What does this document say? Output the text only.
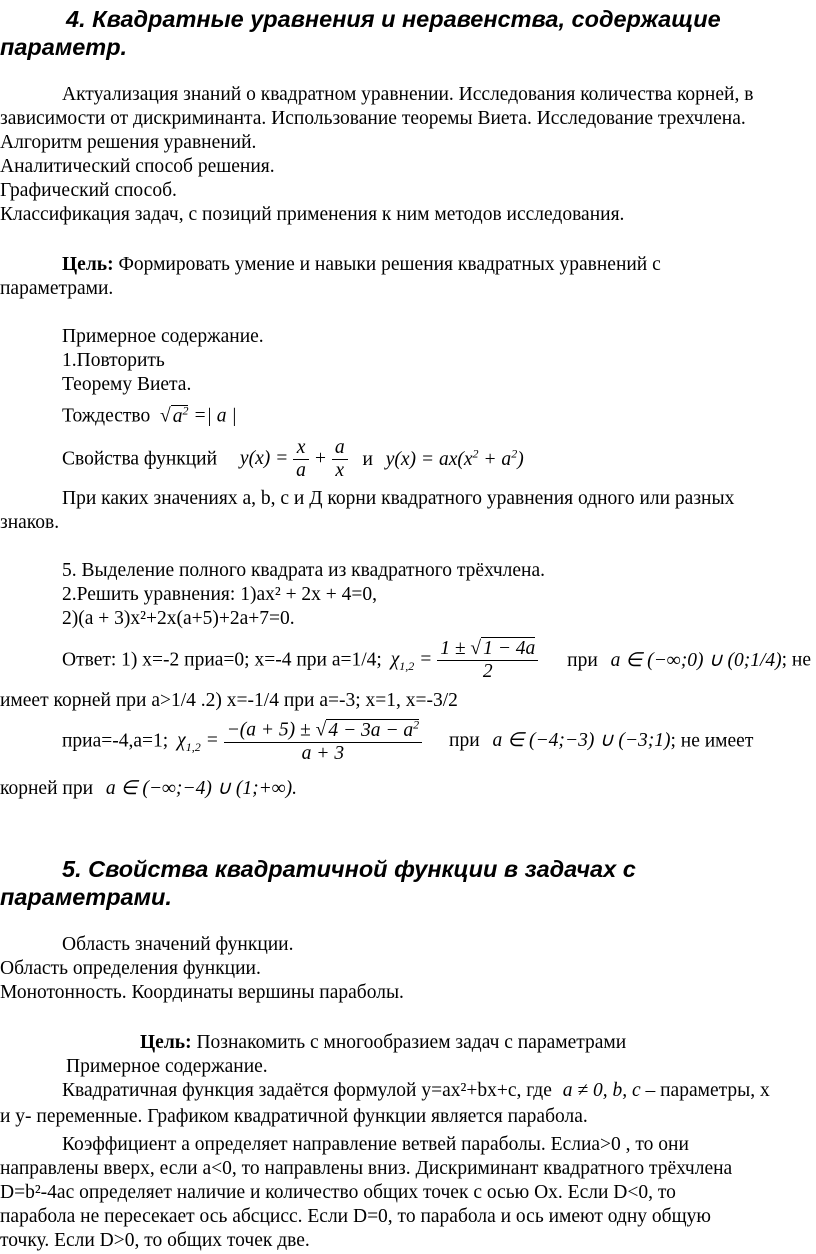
4. Квадратные уравнения и неравенства, содержащие
параметр.
Актуализация знаний о квадратном уравнении. Исследования количества корней, в
зависимости от дискриминанта. Использование теоремы Виета. Исследование трехчлена.
Алгоритм решения уравнений.
Аналитический способ решения.
Графический способ.
Классификация задач, с позиций применения к ним методов исследования.
Цель: Формировать умение и навыки решения квадратных уравнений с
параметрами.
Примерное содержание.
1.Повторить
Теорему Виета.
Тождество  √ $a^2$ =| a |
Свойства функций $y(x) = \frac{x}{a} + \frac{a}{x}$ и $y(x) = ax(x^2 + a^2)$
При каких значениях a, b, c и Д корни квадратного уравнения одного или разных
знаков.
5. Выделение полного квадрата из квадратного трёхчлена.
2.Решить уравнения: 1)aх² + 2х + 4=0,
2)(a + 3)х²+2х(a+5)+2a+7=0.
Ответ: 1) х=-2 приa=0; х=-4 при a=1/4; $\chi_{1,2} = \frac{1 \pm √ 1 - 4a}{2}$ при a ∈ (−∞;0) ∪ (0;1/4); не
имеет корней при a>1/4 .2) х=-1/4 при a=-3; х=1, х=-3/2
приa=-4,a=1; $\chi_{1,2} = \frac{-(a + 5) \pm √ 4 - 3a - a^2}{a + 3}$ при a ∈ (−4;−3) ∪ (−3;1); не имеет
корней при a ∈ (−∞;−4) ∪ (1;+∞).
5. Свойства квадратичной функции в задачах с
параметрами.
Область значений функции.
Область определения функции.
Монотонность. Координаты вершины параболы.
Цель: Познакомить с многообразием задач с параметрами
Примерное содержание.
Квадратичная функция задаётся формулой y=aх²+bх+c, где a ≠ 0, b, c – параметры, х
и у- переменные. Графиком квадратичной функции является парабола.
Коэффициент a определяет направление ветвей параболы. Еслиa>0 , то они
направлены вверх, если a<0, то направлены вниз. Дискриминант квадратного трёхчлена
D=b²-4ac определяет наличие и количество общих точек с осью Ох. Если D<0, то
парабола не пересекает ось абсцисс. Если D=0, то парабола и ось имеют одну общую
точку. Если D>0, то общих точек две.
